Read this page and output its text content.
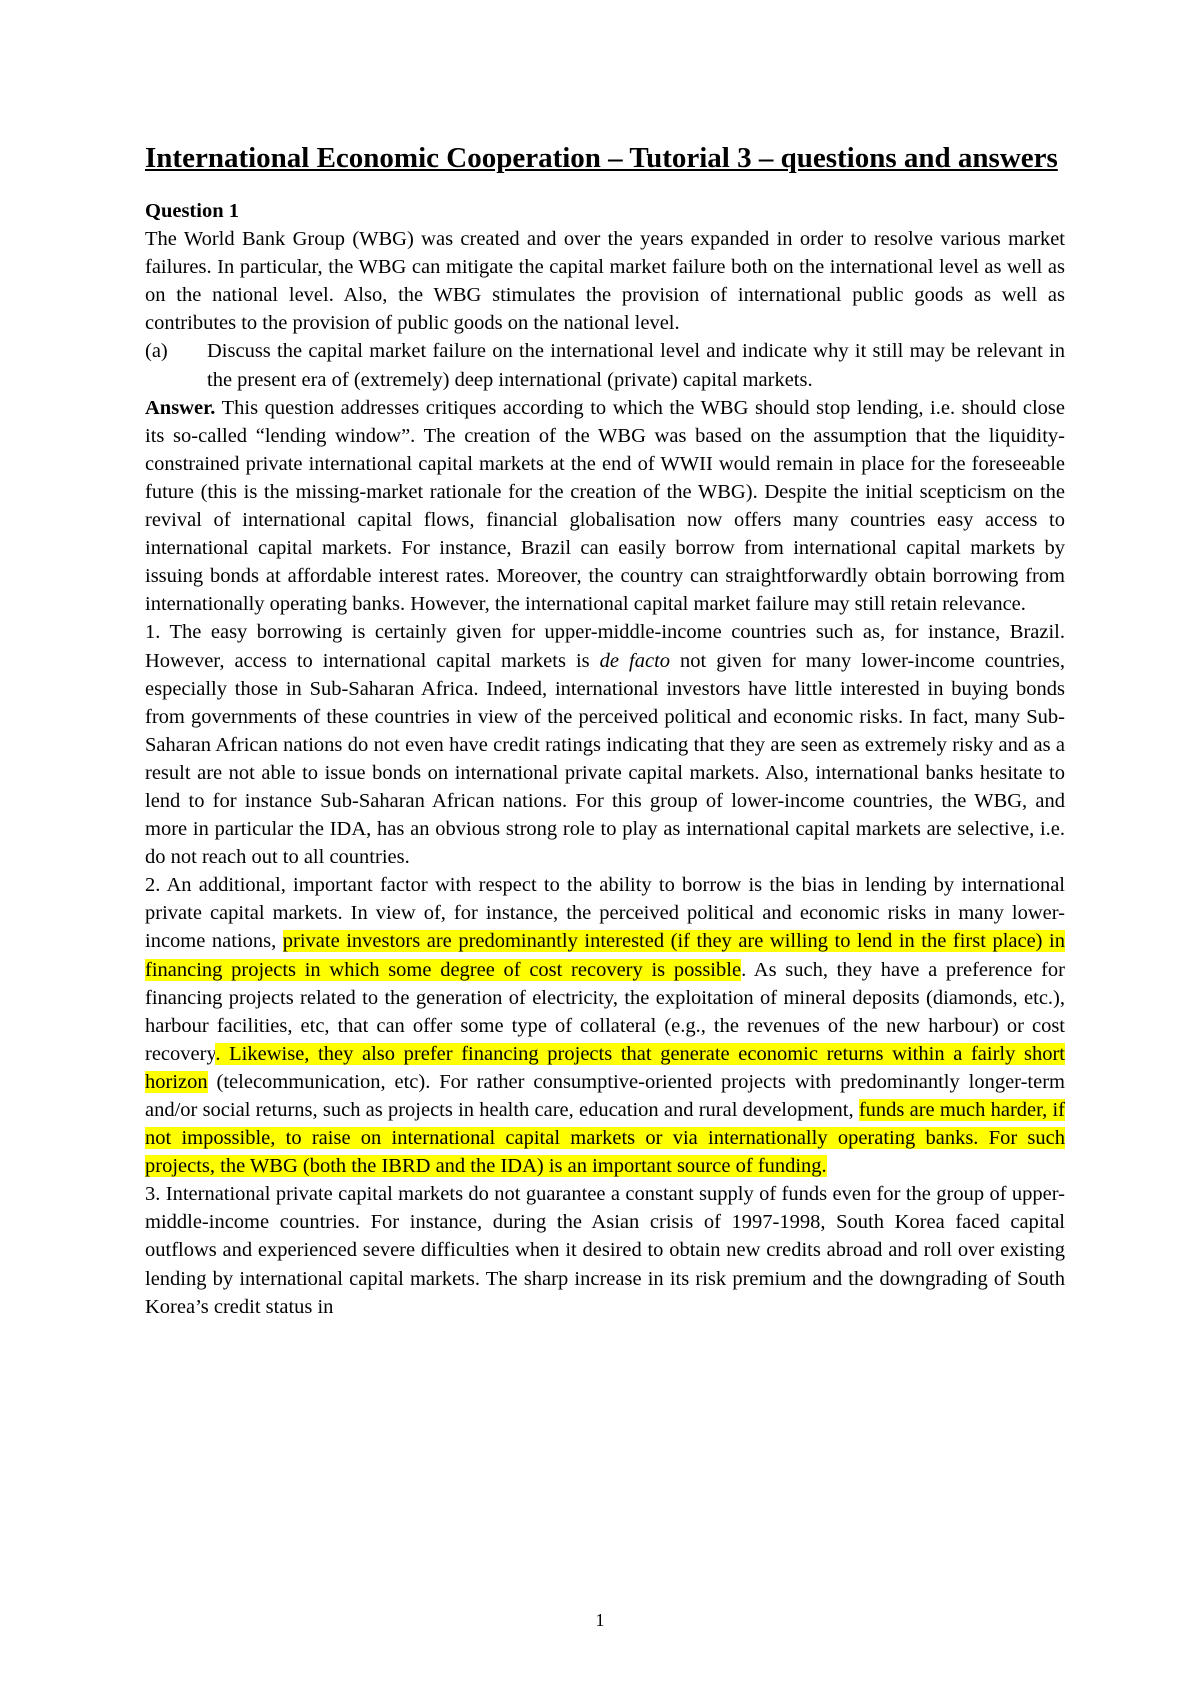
International Economic Cooperation – Tutorial 3 – questions and answers

Question 1

The World Bank Group (WBG) was created and over the years expanded in order to resolve various market failures. In particular, the WBG can mitigate the capital market failure both on the international level as well as on the national level. Also, the WBG stimulates the provision of international public goods as well as contributes to the provision of public goods on the national level.

(a) Discuss the capital market failure on the international level and indicate why it still may be relevant in the present era of (extremely) deep international (private) capital markets.

Answer. This question addresses critiques according to which the WBG should stop lending, i.e. should close its so-called “lending window”. The creation of the WBG was based on the assumption that the liquidity-constrained private international capital markets at the end of WWII would remain in place for the foreseeable future (this is the missing-market rationale for the creation of the WBG). Despite the initial scepticism on the revival of international capital flows, financial globalisation now offers many countries easy access to international capital markets. For instance, Brazil can easily borrow from international capital markets by issuing bonds at affordable interest rates. Moreover, the country can straightforwardly obtain borrowing from internationally operating banks. However, the international capital market failure may still retain relevance.

1. The easy borrowing is certainly given for upper-middle-income countries such as, for instance, Brazil. However, access to international capital markets is de facto not given for many lower-income countries, especially those in Sub-Saharan Africa. Indeed, international investors have little interested in buying bonds from governments of these countries in view of the perceived political and economic risks. In fact, many Sub-Saharan African nations do not even have credit ratings indicating that they are seen as extremely risky and as a result are not able to issue bonds on international private capital markets. Also, international banks hesitate to lend to for instance Sub-Saharan African nations. For this group of lower-income countries, the WBG, and more in particular the IDA, has an obvious strong role to play as international capital markets are selective, i.e. do not reach out to all countries.

2. An additional, important factor with respect to the ability to borrow is the bias in lending by international private capital markets. In view of, for instance, the perceived political and economic risks in many lower-income nations, private investors are predominantly interested (if they are willing to lend in the first place) in financing projects in which some degree of cost recovery is possible. As such, they have a preference for financing projects related to the generation of electricity, the exploitation of mineral deposits (diamonds, etc.), harbour facilities, etc, that can offer some type of collateral (e.g., the revenues of the new harbour) or cost recovery. Likewise, they also prefer financing projects that generate economic returns within a fairly short horizon (telecommunication, etc). For rather consumptive-oriented projects with predominantly longer-term and/or social returns, such as projects in health care, education and rural development, funds are much harder, if not impossible, to raise on international capital markets or via internationally operating banks. For such projects, the WBG (both the IBRD and the IDA) is an important source of funding.

3. International private capital markets do not guarantee a constant supply of funds even for the group of upper-middle-income countries. For instance, during the Asian crisis of 1997-1998, South Korea faced capital outflows and experienced severe difficulties when it desired to obtain new credits abroad and roll over existing lending by international capital markets. The sharp increase in its risk premium and the downgrading of South Korea’s credit status in

1
